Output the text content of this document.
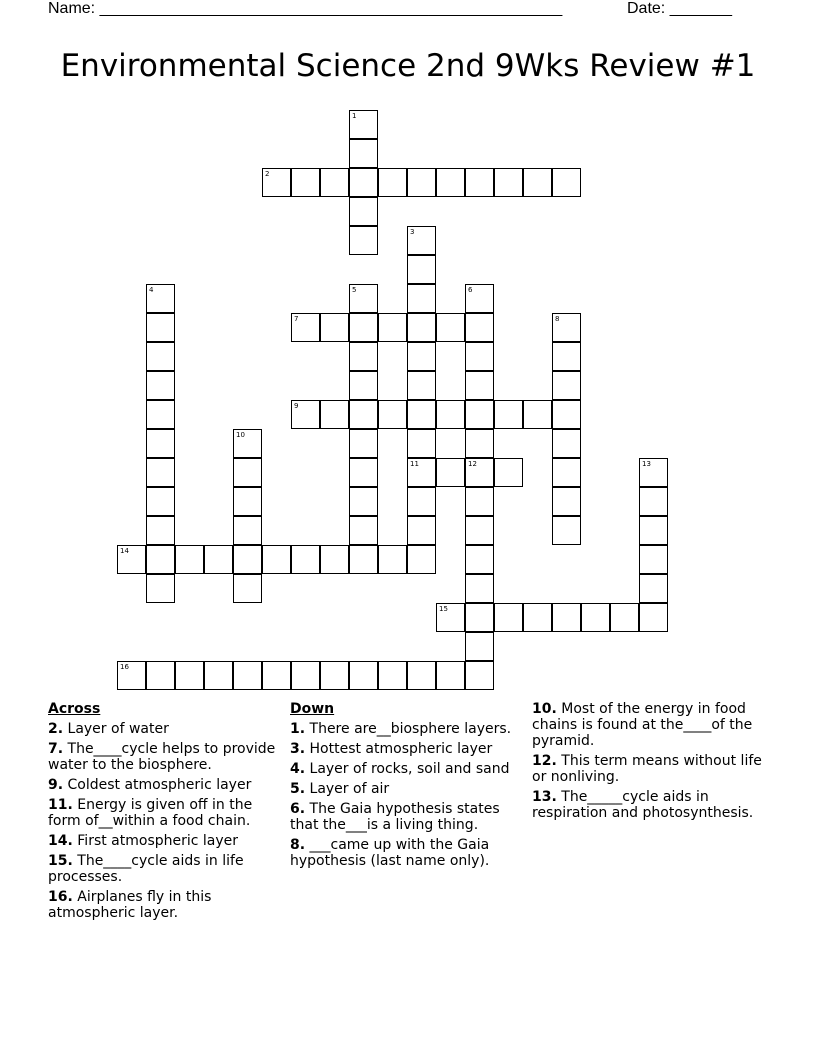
Name: ____________________________________________________	Date: _______
Environmental Science 2nd 9Wks Review #1
1
2
3
11
4	5	6
7	8
9
10
12	13
14
15
16
Across
2. Layer of water
7. The____cycle helps to provide water to the biosphere.
9. Coldest atmospheric layer
11. Energy is given off in the form of__within a food chain.
14. First atmospheric layer
15. The____cycle aids in life processes.
16. Airplanes fly in this atmospheric layer.
Down
1. There are__biosphere layers.
3. Hottest atmospheric layer
4. Layer of rocks, soil and sand
5. Layer of air
6. The Gaia hypothesis states that the___is a living thing.
8. ___came up with the Gaia hypothesis (last name only).
10. Most of the energy in food chains is found at the____of the pyramid.
12. This term means without life or nonliving.
13. The_____cycle aids in respiration and photosynthesis.
